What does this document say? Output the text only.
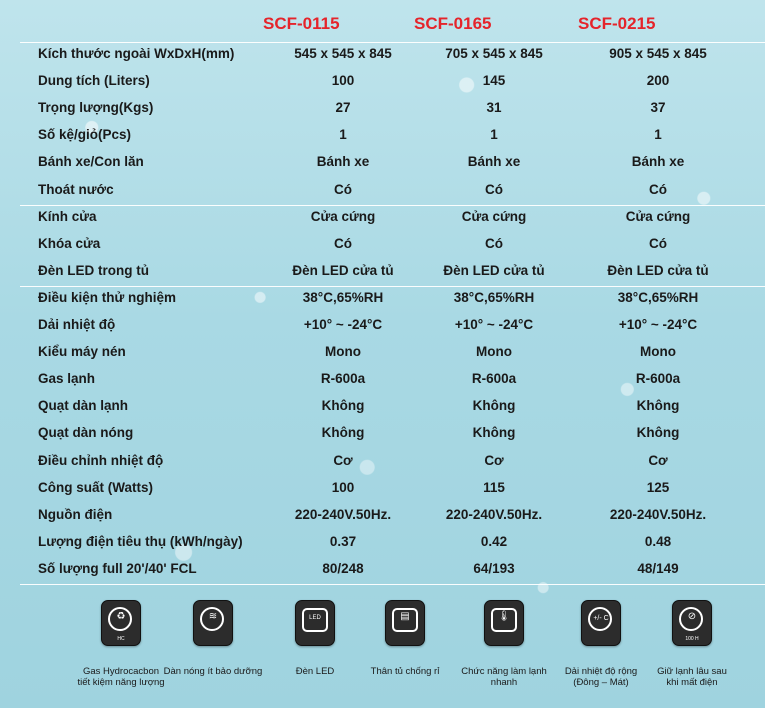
SCF-0115	SCF-0165	SCF-0215
Kích thước ngoài WxDxH(mm)	545 x 545 x 845	705 x 545 x 845	905 x 545 x 845
Dung tích (Liters)	100	145	200
Trọng lượng(Kgs)	27	31	37
Số kệ/giỏ(Pcs)	1	1	1
Bánh xe/Con lăn	Bánh xe	Bánh xe	Bánh xe
Thoát nước	Có	Có	Có
Kính cửa	Cửa cứng	Cửa cứng	Cửa cứng
Khóa cửa	Có	Có	Có
Đèn LED trong tủ	Đèn LED cửa tủ	Đèn LED cửa tủ	Đèn LED cửa tủ
Điều kiện thử nghiệm	38°C,65%RH	38°C,65%RH	38°C,65%RH
Dải nhiệt độ	+10° ~ -24°C	+10° ~ -24°C	+10° ~ -24°C
Kiểu máy nén	Mono	Mono	Mono
Gas lạnh	R-600a	R-600a	R-600a
Quạt dàn lạnh	Không	Không	Không
Quạt dàn nóng	Không	Không	Không
Điều chỉnh nhiệt độ	Cơ	Cơ	Cơ
Công suất (Watts)	100	115	125
Nguồn điện	220-240V.50Hz.	220-240V.50Hz.	220-240V.50Hz.
Lượng điện tiêu thụ (kWh/ngày)	0.37	0.42	0.48
Số lượng full 20'/40' FCL	80/248	64/193	48/149
♻
HC
Gas Hydrocacbon
tiết kiệm năng lượng
≋
Dàn nóng ít bảo dưỡng
LED
Đèn LED
▤
Thân tủ chống rỉ
🌡
Chức năng làm lạnh
nhanh
+/- C
Dải nhiệt độ rộng
(Đông – Mát)
⊘
100 H
Giữ lạnh lâu sau
khi mất điện
